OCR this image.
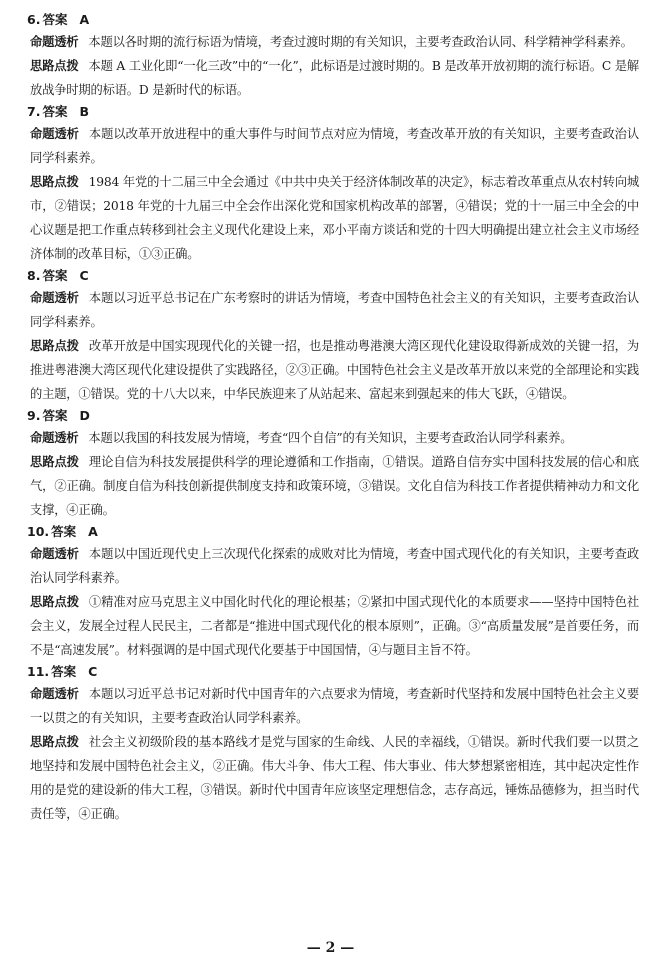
6. 答案 A

命题透析 本题以各时期的流行标语为情境，考查过渡时期的有关知识，主要考查政治认同、科学精神学科素养。

思路点拨 本题 A 工业化即“一化三改”中的“一化”，此标语是过渡时期的。B 是改革开放初期的流行标语。C 是解放战争时期的标语。D 是新时代的标语。

7. 答案 B

命题透析 本题以改革开放进程中的重大事件与时间节点对应为情境，考查改革开放的有关知识，主要考查政治认同学科素养。

思路点拨 1984 年党的十二届三中全会通过《中共中央关于经济体制改革的决定》，标志着改革重点从农村转向城市，②错误；2018 年党的十九届三中全会作出深化党和国家机构改革的部署，④错误；党的十一届三中全会的中心议题是把工作重点转移到社会主义现代化建设上来，邓小平南方谈话和党的十四大明确提出建立社会主义市场经济体制的改革目标，①③正确。

8. 答案 C

命题透析 本题以习近平总书记在广东考察时的讲话为情境，考查中国特色社会主义的有关知识，主要考查政治认同学科素养。

思路点拨 改革开放是中国实现现代化的关键一招，也是推动粤港澳大湾区现代化建设取得新成效的关键一招，为推进粤港澳大湾区现代化建设提供了实践路径，②③正确。中国特色社会主义是改革开放以来党的全部理论和实践的主题，①错误。党的十八大以来，中华民族迎来了从站起来、富起来到强起来的伟大飞跃，④错误。

9. 答案 D

命题透析 本题以我国的科技发展为情境，考查“四个自信”的有关知识，主要考查政治认同学科素养。

思路点拨 理论自信为科技发展提供科学的理论遵循和工作指南，①错误。道路自信夯实中国科技发展的信心和底气，②正确。制度自信为科技创新提供制度支持和政策环境，③错误。文化自信为科技工作者提供精神动力和文化支撑，④正确。

10. 答案 A

命题透析 本题以中国近现代史上三次现代化探索的成败对比为情境，考查中国式现代化的有关知识，主要考查政治认同学科素养。

思路点拨 ①精准对应马克思主义中国化时代化的理论根基；②紧扣中国式现代化的本质要求——坚持中国特色社会主义，发展全过程人民民主，二者都是“推进中国式现代化的根本原则”，正确。③“高质量发展”是首要任务，而不是“高速发展”。材料强调的是中国式现代化要基于中国国情，④与题目主旨不符。

11. 答案 C

命题透析 本题以习近平总书记对新时代中国青年的六点要求为情境，考查新时代坚持和发展中国特色社会主义要一以贯之的有关知识，主要考查政治认同学科素养。

思路点拨 社会主义初级阶段的基本路线才是党与国家的生命线、人民的幸福线，①错误。新时代我们要一以贯之地坚持和发展中国特色社会主义，②正确。伟大斗争、伟大工程、伟大事业、伟大梦想紧密相连，其中起决定性作用的是党的建设新的伟大工程，③错误。新时代中国青年应该坚定理想信念，志存高远，锤炼品德修为，担当时代责任等，④正确。

— 2 —
